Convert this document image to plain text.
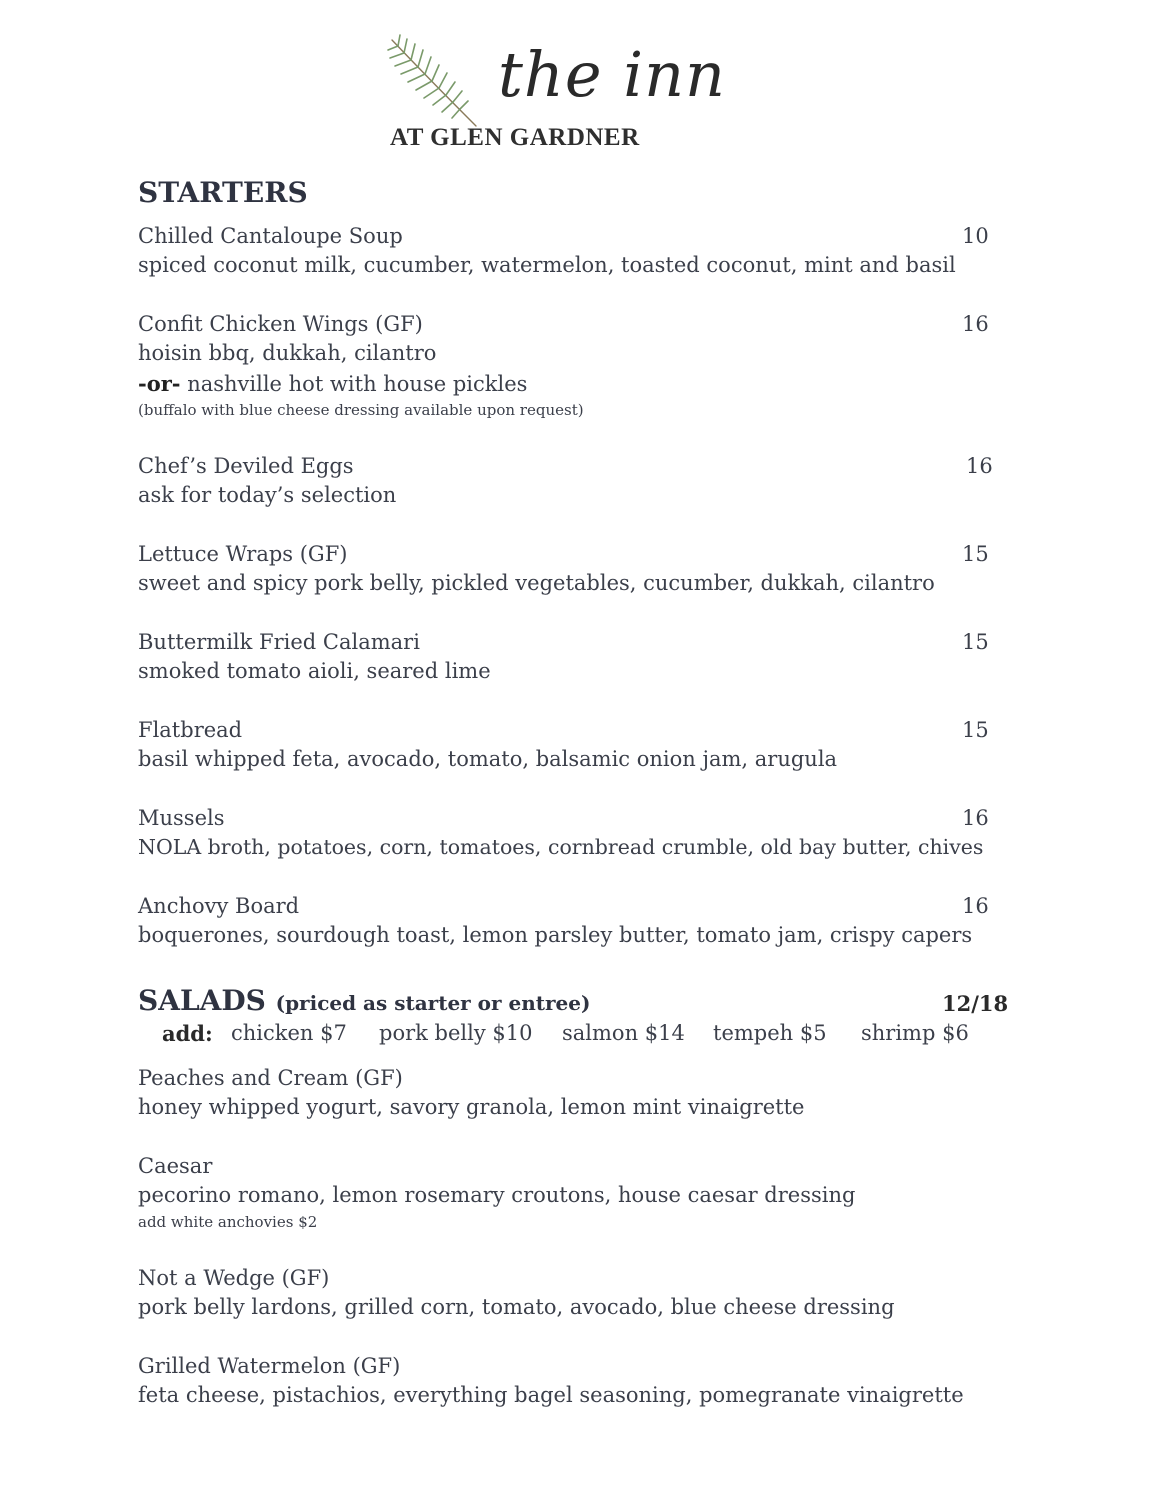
the inn
AT GLEN GARDNER
STARTERS
Chilled Cantaloupe Soup	10
spiced coconut milk, cucumber, watermelon, toasted coconut, mint and basil
Confit Chicken Wings (GF)	16
hoisin bbq, dukkah, cilantro
-or- nashville hot with house pickles
(buffalo with blue cheese dressing available upon request)
Chef’s Deviled Eggs	16
ask for today’s selection
Lettuce Wraps (GF)	15
sweet and spicy pork belly, pickled vegetables, cucumber, dukkah, cilantro
Buttermilk Fried Calamari	15
smoked tomato aioli, seared lime
Flatbread	15
basil whipped feta, avocado, tomato, balsamic onion jam, arugula
Mussels	16
NOLA broth, potatoes, corn, tomatoes, cornbread crumble, old bay butter, chives
Anchovy Board	16
boquerones, sourdough toast, lemon parsley butter, tomato jam, crispy capers
SALADS (priced as starter or entree)	12/18
add: chicken $7 pork belly $10 salmon $14 tempeh $5 shrimp $6
Peaches and Cream (GF)
honey whipped yogurt, savory granola, lemon mint vinaigrette
Caesar
pecorino romano, lemon rosemary croutons, house caesar dressing
add white anchovies $2
Not a Wedge (GF)
pork belly lardons, grilled corn, tomato, avocado, blue cheese dressing
Grilled Watermelon (GF)
feta cheese, pistachios, everything bagel seasoning, pomegranate vinaigrette
